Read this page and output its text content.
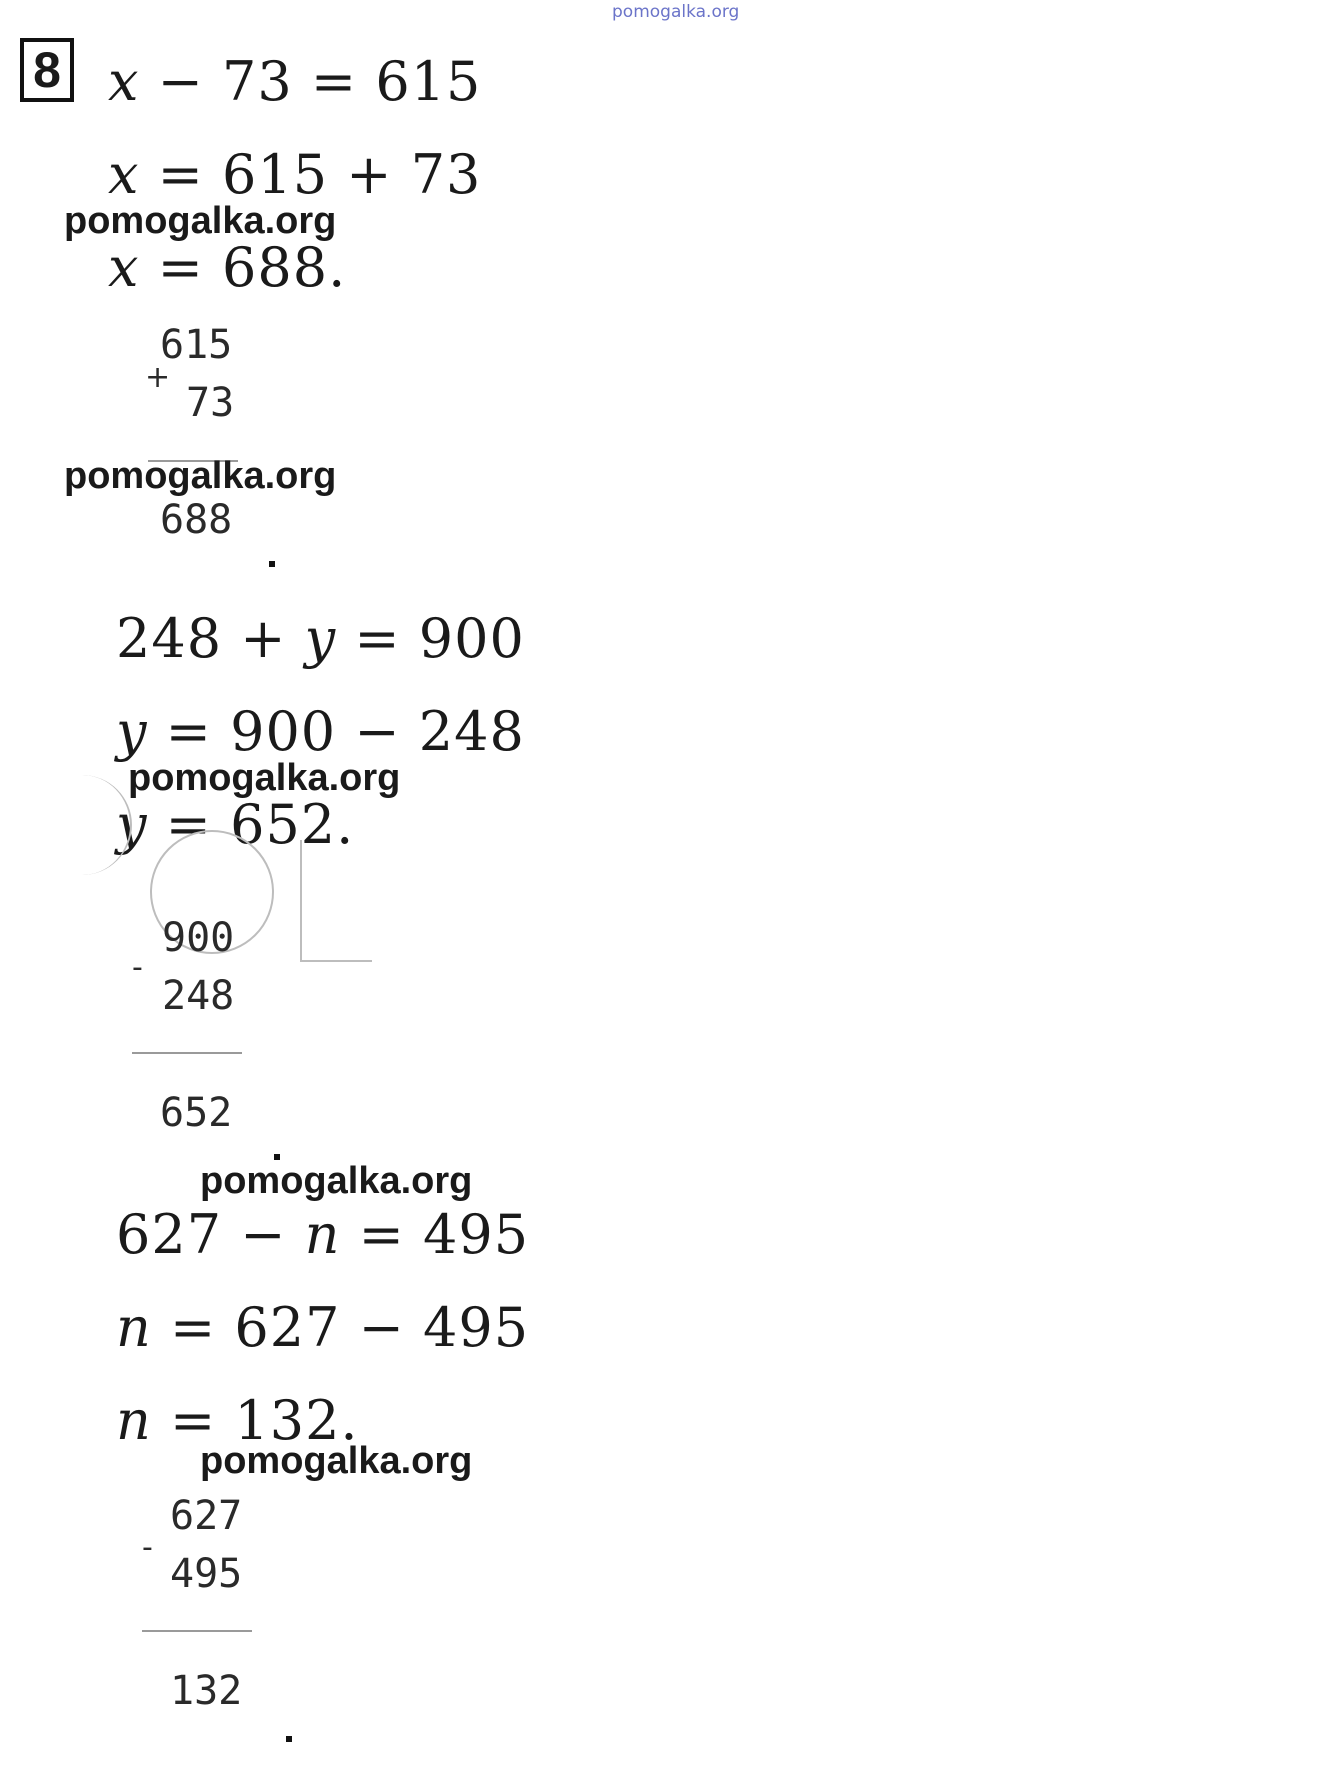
pomogalka.org
8 x − 73 = 615
x = 615 + 73
pomogalka.org
x = 688.
615
+
73
pomogalka.org
688
248 + y = 900
y = 900 − 248
pomogalka.org
y = 652.
900
-
248
652
pomogalka.org
627 − n = 495
n = 627 − 495
n = 132.
pomogalka.org
627
-
495
132
